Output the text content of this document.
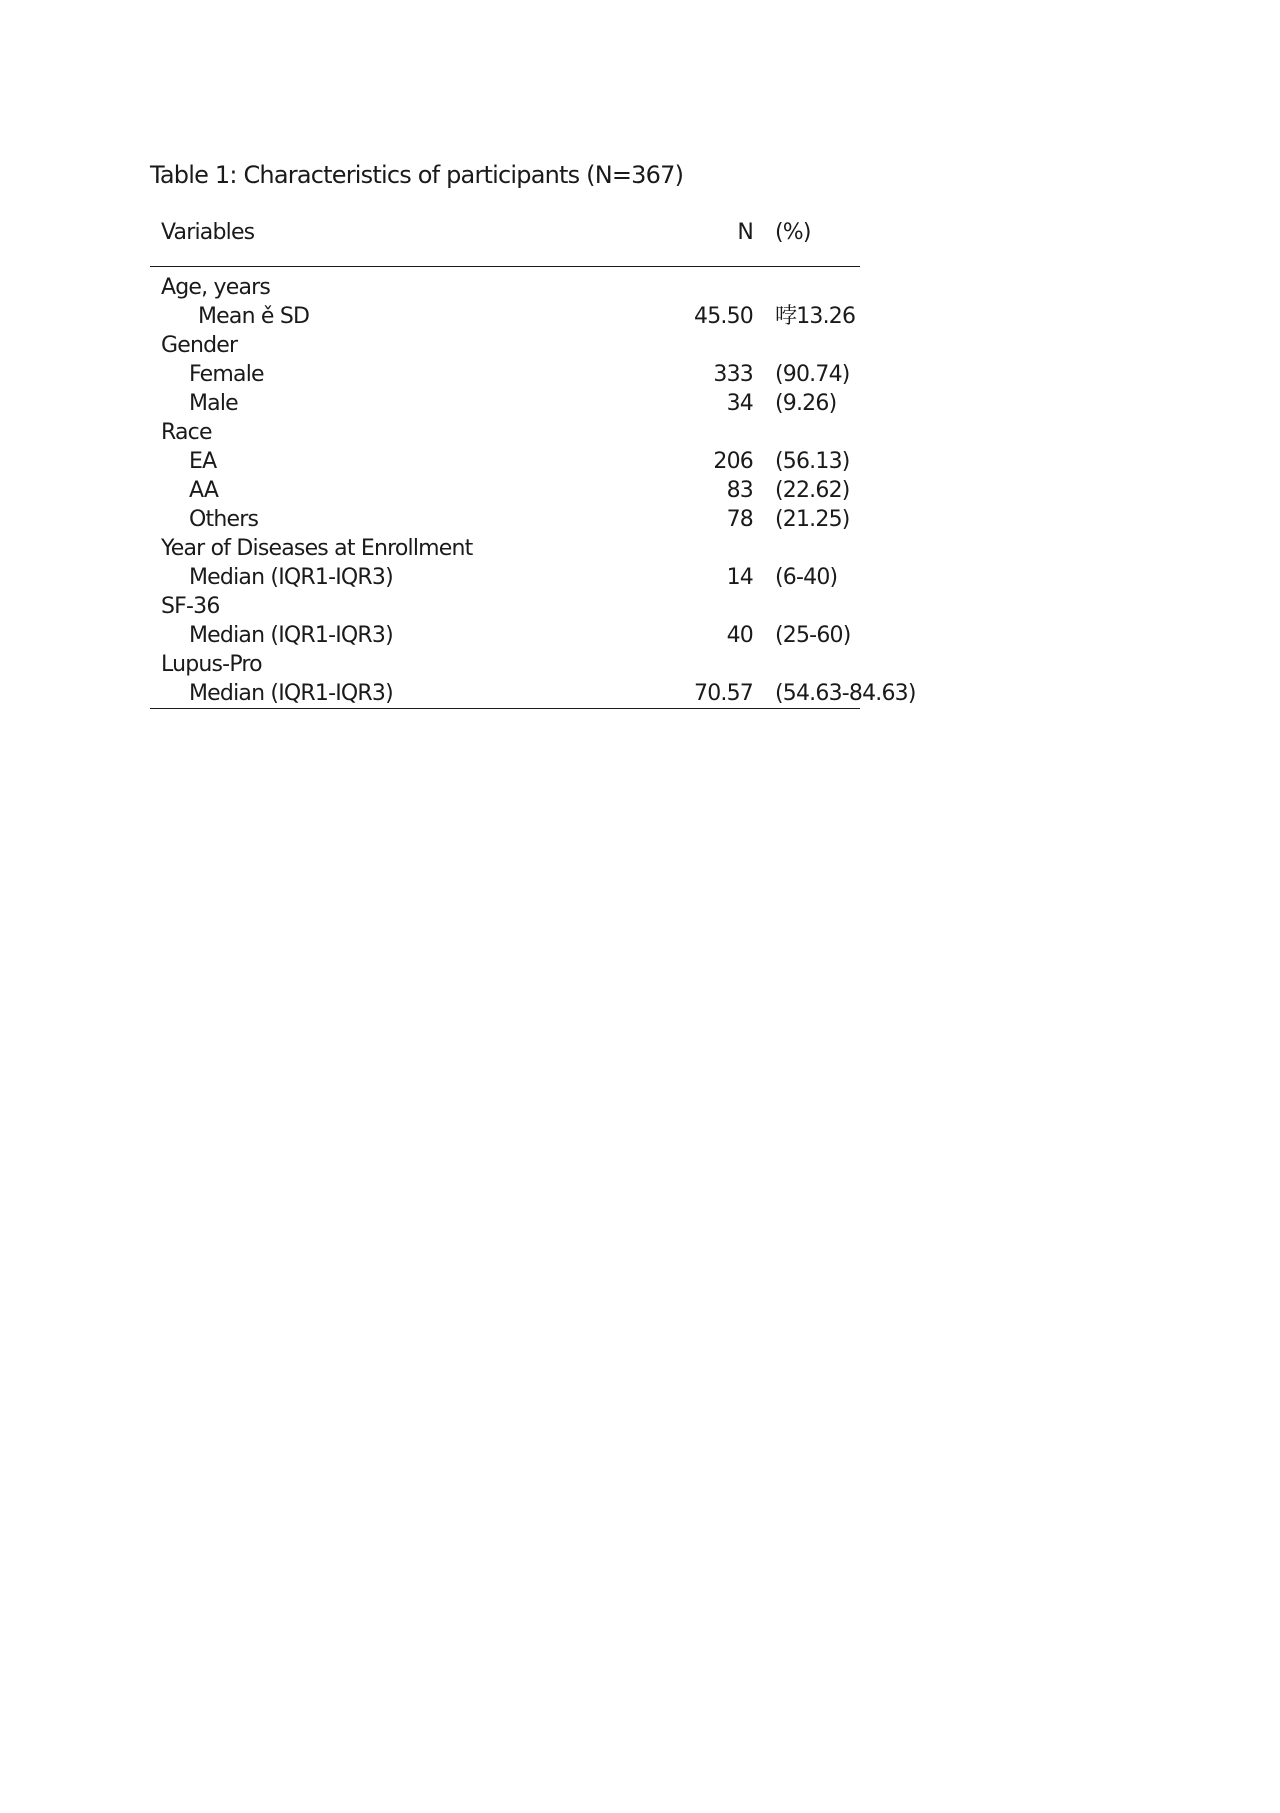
Table 1: Characteristics of participants (N=367)
Variables	N	(%)
Age, years		
Mean ě SD	45.50	哱13.26
Gender		
Female	333	(90.74)
Male	34	(9.26)
Race		
EA	206	(56.13)
AA	83	(22.62)
Others	78	(21.25)
Year of Diseases at Enrollment		
Median (IQR1-IQR3)	14	(6-40)
SF-36		
Median (IQR1-IQR3)	40	(25-60)
Lupus-Pro		
Median (IQR1-IQR3)	70.57	(54.63-84.63)
